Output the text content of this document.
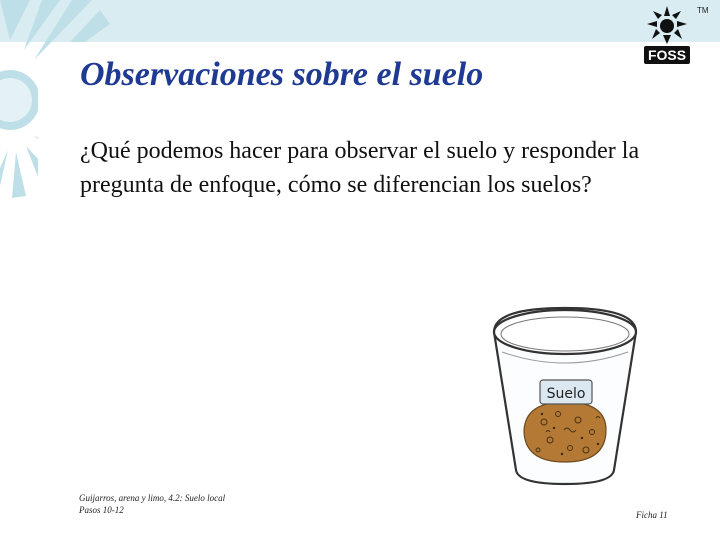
FOSS
TM
Observaciones sobre el suelo

¿Qué podemos hacer para observar el suelo y responder la pregunta de enfoque, cómo se diferencian los suelos?

Suelo
Guijarros, arena y limo, 4.2: Suelo local
Pasos 10-12	Ficha 11
